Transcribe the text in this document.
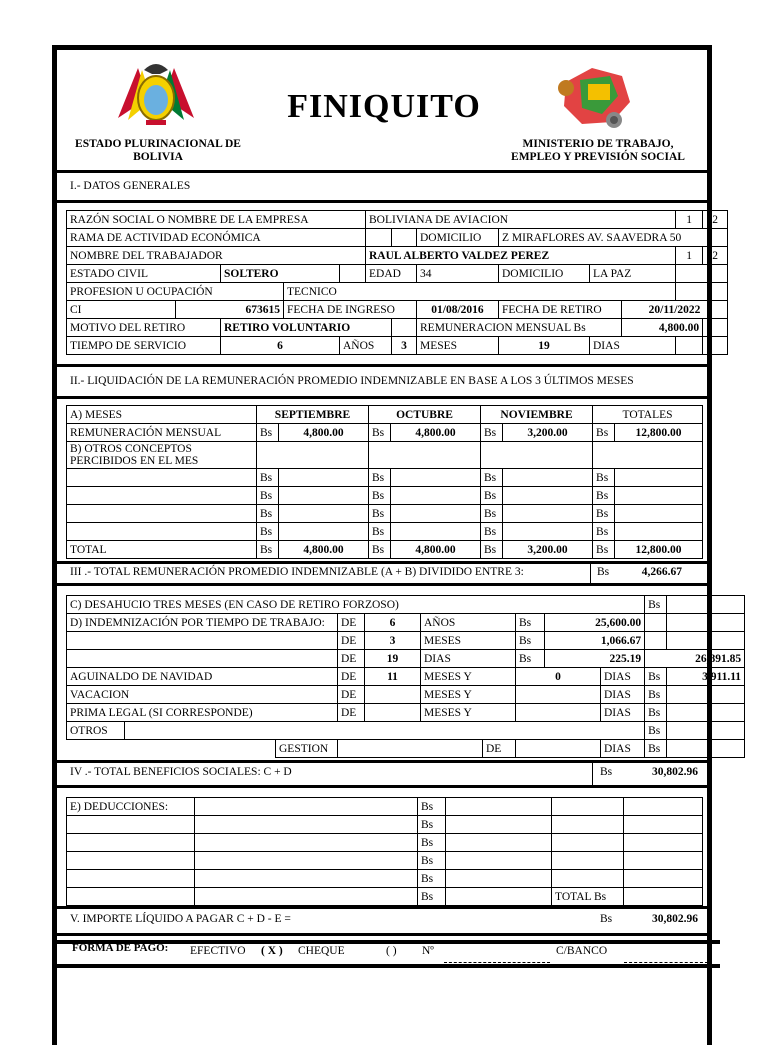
FINIQUITO
ESTADO PLURINACIONAL DE
BOLIVIA
MINISTERIO DE TRABAJO,
EMPLEO Y PREVISIÓN SOCIAL
I.- DATOS GENERALES
RAZÓN SOCIAL O NOMBRE DE LA EMPRESA					BOLIVIANA DE AVIACION						1	2
RAMA DE ACTIVIDAD ECONÓMICA							DOMICILIO	Z MIRAFLORES AV. SAAVEDRA 50				
NOMBRE DEL TRABAJADOR					RAUL ALBERTO VALDEZ PEREZ						1	2
ESTADO CIVIL		SOLTERO			EDAD		34	DOMICILIO	LA PAZ			
PROFESION U OCUPACIÓN			TECNICO									
CI	673615		FECHA DE INGRESO				01/08/2016	FECHA DE RETIRO		20/11/2022		
MOTIVO DEL RETIRO		RETIRO VOLUNTARIO					REMUNERACION MENSUAL Bs			4,800.00		
TIEMPO DE SERVICIO		6		AÑOS		3	MESES	19	DIAS			
II.- LIQUIDACIÓN DE LA REMUNERACIÓN PROMEDIO INDEMNIZABLE EN BASE A LOS 3 ÚLTIMOS MESES
A) MESES	SEPTIEMBRE		OCTUBRE		NOVIEMBRE		TOTALES	
REMUNERACIÓN MENSUAL	Bs	4,800.00	Bs	4,800.00	Bs	3,200.00	Bs	12,800.00

B) OTROS CONCEPTOS
PERCIBIDOS EN EL MES								

	Bs		Bs		Bs		Bs	
	Bs		Bs		Bs		Bs	
	Bs		Bs		Bs		Bs	
	Bs		Bs		Bs		Bs	
TOTAL	Bs	4,800.00	Bs	4,800.00	Bs	3,200.00	Bs	12,800.00
III .- TOTAL REMUNERACIÓN PROMEDIO INDEMNIZABLE (A + B) DIVIDIDO ENTRE 3:	Bs	4,266.67
C) DESAHUCIO TRES MESES (EN CASO DE RETIRO FORZOSO)										Bs	
D) INDEMNIZACIÓN POR TIEMPO DE TRABAJO:			DE	6	AÑOS		Bs	25,600.00			
			DE	3	MESES		Bs	1,066.67			
			DE	19	DIAS		Bs	225.19		26,891.85	
AGUINALDO DE NAVIDAD			DE	11	MESES Y		0		DIAS	Bs	3,911.11
VACACION			DE		MESES Y				DIAS	Bs	
PRIMA LEGAL (SI CORRESPONDE)			DE		MESES Y				DIAS	Bs	
OTROS										Bs	
		GESTION				DE			DIAS	Bs	
IV .- TOTAL BENEFICIOS SOCIALES: C + D	Bs	30,802.96
E) DEDUCCIONES:		Bs			
		Bs			
		Bs			
		Bs			
		Bs			
		Bs		TOTAL Bs	
V. IMPORTE LÍQUIDO A PAGAR C + D - E =	Bs	30,802.96
FORMA DE PAGO: EFECTIVO ( X ) CHEQUE	( ) Nº	C/BANCO
